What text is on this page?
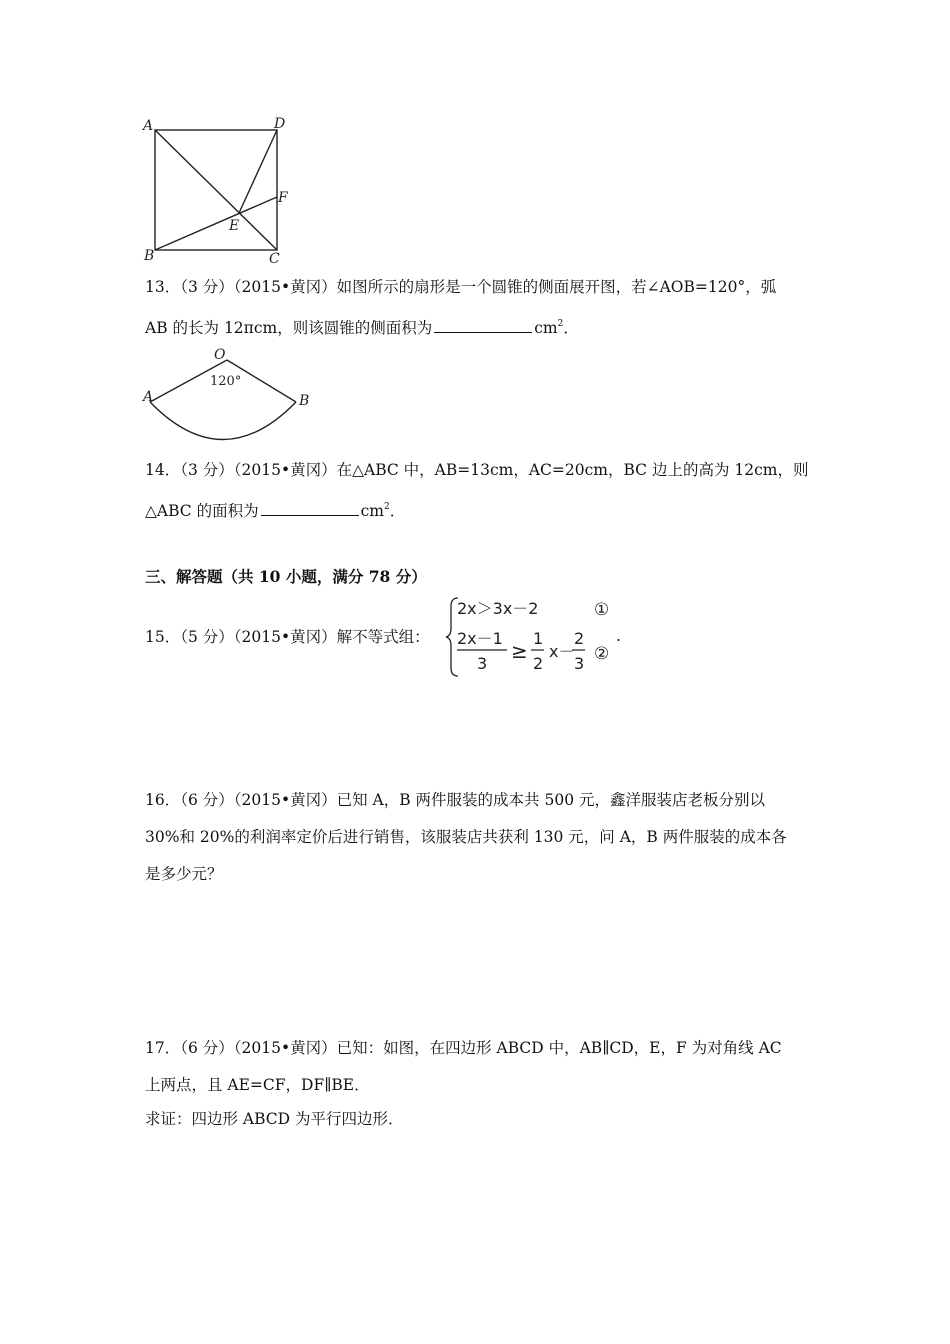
A	D
F
E
B	C
13．（3 分）（2015•黄冈）如图所示的扇形是一个圆锥的侧面展开图，若∠AOB=120°，弧
AB 的长为 12πcm，则该圆锥的侧面积为	$cm^2$．
O
120°
A	B
14．（3 分）（2015•黄冈）在△ABC 中，AB=13cm，AC=20cm，BC 边上的高为 12cm，则
△ABC 的面积为	$cm^2$．
三、解答题（共 10 小题，满分 78 分）
15．（5 分）（2015•黄冈）解不等式组：
2x＞3x－2	①
2x－1
3
≥
1
2
x－
2
3 ②
.
16．（6 分）（2015•黄冈）已知 A，B 两件服装的成本共 500 元，鑫洋服装店老板分别以
30%和 20%的利润率定价后进行销售，该服装店共获利 130 元，问 A，B 两件服装的成本各
是多少元？
17．（6 分）（2015•黄冈）已知：如图，在四边形 ABCD 中，AB∥CD，E，F 为对角线 AC
上两点，且 AE=CF，DF∥BE．
求证：四边形 ABCD 为平行四边形．
